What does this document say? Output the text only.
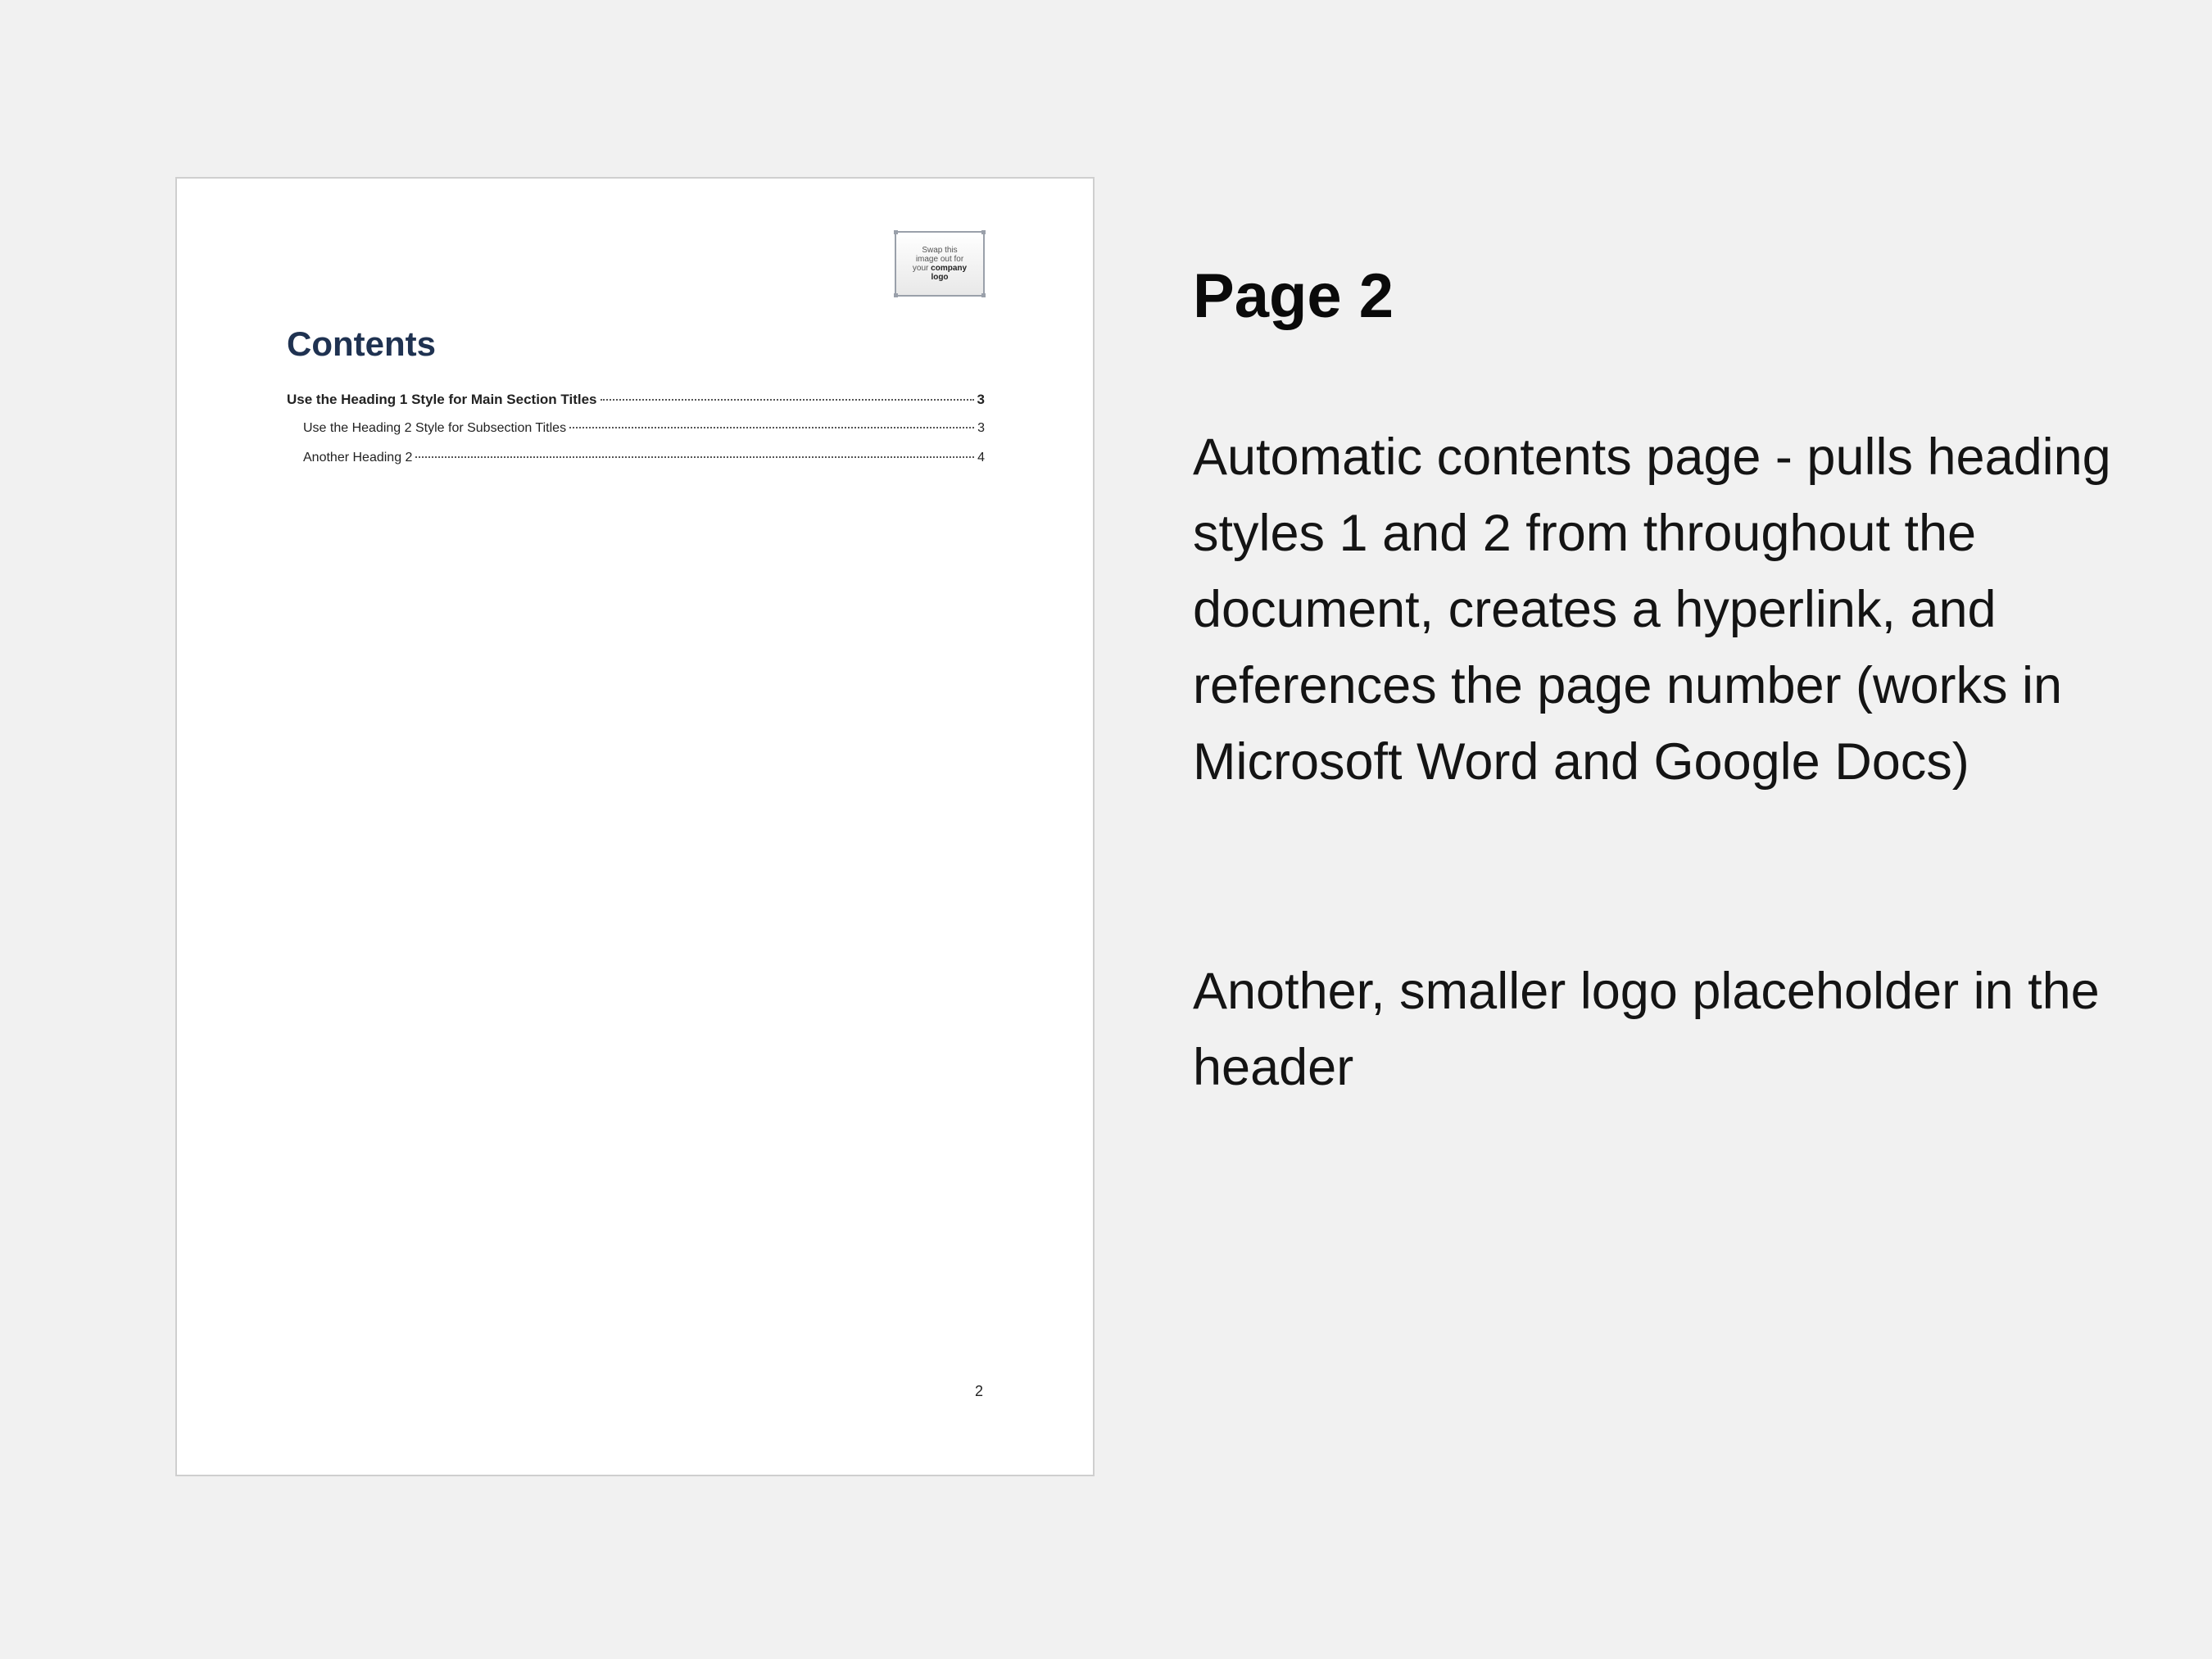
Swap this
image out for
your company
logo
Contents
Use the Heading 1 Style for Main Section Titles	3
Use the Heading 2 Style for Subsection Titles	3
Another Heading 2	4
2
Page 2

Automatic contents page - pulls heading styles 1 and 2 from throughout the document, creates a hyperlink, and references the page number (works in Microsoft Word and Google Docs)

Another, smaller logo placeholder in the header
